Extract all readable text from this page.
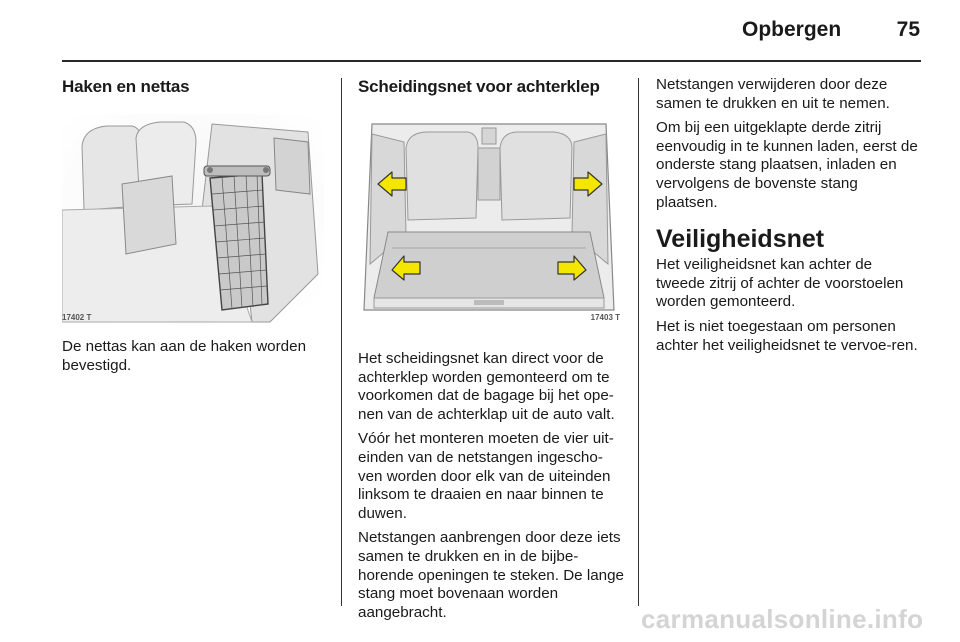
Opbergen	75
Haken en nettas
17402 T

De nettas kan aan de haken worden bevestigd.

Scheidingsnet voor achterklep
17403 T

Het scheidingsnet kan direct voor de achterklep worden gemonteerd om te voorkomen dat de bagage bij het ope-nen van de achterklap uit de auto valt.

Vóór het monteren moeten de vier uit-einden van de netstangen ingescho-ven worden door elk van de uiteinden linksom te draaien en naar binnen te duwen.

Netstangen aanbrengen door deze iets samen te drukken en in de bijbe-horende openingen te steken. De lange stang moet bovenaan worden aangebracht.

Netstangen verwijderen door deze samen te drukken en uit te nemen.

Om bij een uitgeklapte derde zitrij eenvoudig in te kunnen laden, eerst de onderste stang plaatsen, inladen en vervolgens de bovenste stang plaatsen.

Veiligheidsnet

Het veiligheidsnet kan achter de tweede zitrij of achter de voorstoelen worden gemonteerd.

Het is niet toegestaan om personen achter het veiligheidsnet te vervoe-ren.

carmanualsonline.info
